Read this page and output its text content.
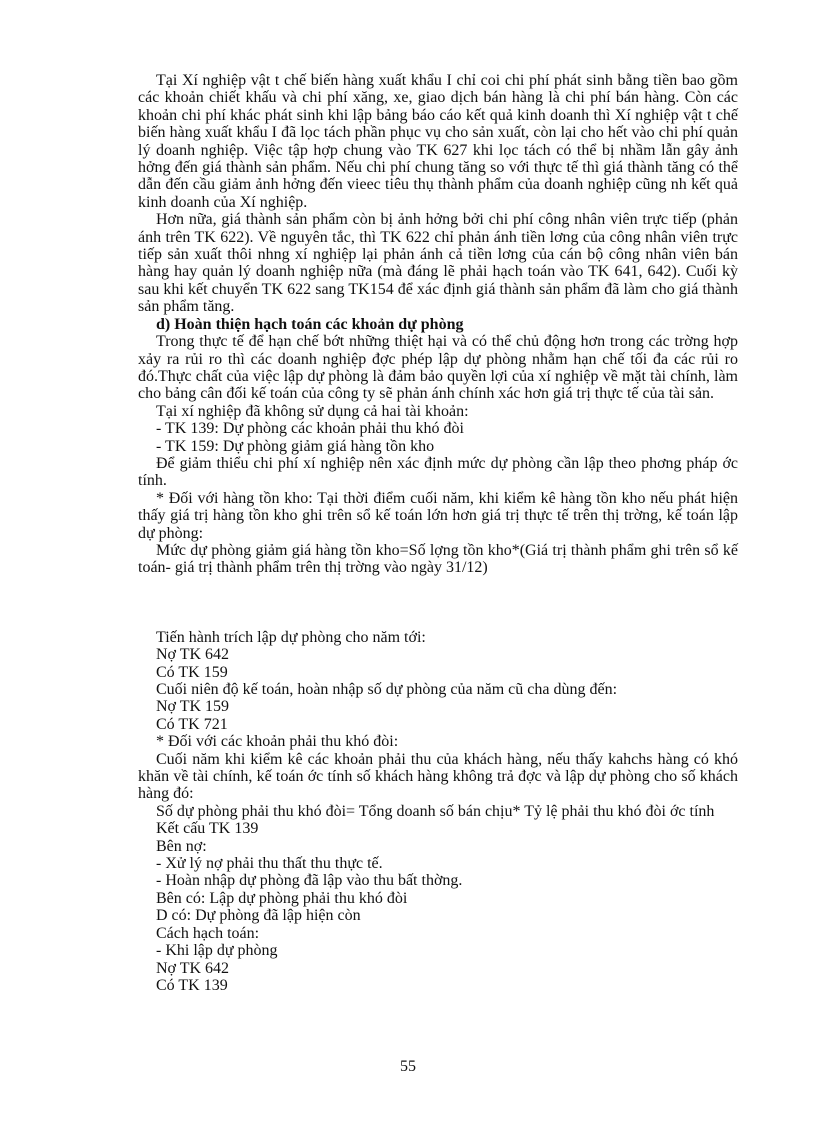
Tại Xí nghiệp vật t chế biến hàng xuất khẩu I chỉ coi chi phí phát sinh bằng tiền bao gồm các khoản chiết khấu và chi phí xăng, xe, giao dịch bán hàng là chi phí bán hàng. Còn các khoản chi phí khác phát sinh khi lập bảng báo cáo kết quả kinh doanh thì Xí nghiệp vật t chế biến hàng xuất khẩu I đã lọc tách phần phục vụ cho sản xuất, còn lại cho hết vào chi phí quản lý doanh nghiệp. Việc tập hợp chung vào TK 627 khi lọc tách có thể bị nhầm lẫn gây ảnh hởng đến giá thành sản phẩm. Nếu chi phí chung tăng so với thực tế thì giá thành tăng có thể dẫn đến cầu giảm ảnh hởng đến vieec tiêu thụ thành phẩm của doanh nghiệp cũng nh kết quả kinh doanh của Xí nghiệp.

Hơn nữa, giá thành sản phẩm còn bị ảnh hởng bởi chi phí công nhân viên trực tiếp (phản ánh trên TK 622). Về nguyên tắc, thì TK 622 chỉ phản ánh tiền lơng của công nhân viên trực tiếp sản xuất thôi nhng xí nghiệp lại phản ánh cả tiền lơng của cán bộ công nhân viên bán hàng hay quản lý doanh nghiệp nữa (mà đáng lẽ phải hạch toán vào TK 641, 642). Cuối kỳ sau khi kết chuyển TK 622 sang TK154 để xác định giá thành sản phẩm đã làm cho giá thành sản phẩm tăng.

d) Hoàn thiện hạch toán các khoản dự phòng

Trong thực tế để hạn chế bớt những thiệt hại và có thể chủ động hơn trong các trờng hợp xảy ra rủi ro thì các doanh nghiệp đợc phép lập dự phòng nhằm hạn chế tối đa các rủi ro đó.Thực chất của việc lập dự phòng là đảm bảo quyền lợi của xí nghiệp về mặt tài chính, làm cho bảng cân đối kế toán của công ty sẽ phản ánh chính xác hơn giá trị thực tế của tài sản.

Tại xí nghiệp đã không sử dụng cả hai tài khoản:

- TK 139: Dự phòng các khoản phải thu khó đòi

- TK 159: Dự phòng giảm giá hàng tồn kho

Để giảm thiểu chi phí xí nghiệp nên xác định mức dự phòng cần lập theo phơng pháp ớc tính.

* Đối với hàng tồn kho: Tại thời điểm cuối năm, khi kiểm kê hàng tồn kho nếu phát hiện thấy giá trị hàng tồn kho ghi trên sổ kế toán lớn hơn giá trị thực tế trên thị trờng, kế toán lập dự phòng:

Mức dự phòng giảm giá hàng tồn kho=Số lợng tồn kho*(Giá trị thành phẩm ghi trên sổ kế toán- giá trị thành phẩm trên thị trờng vào ngày 31/12)

Tiến hành trích lập dự phòng cho năm tới:

Nợ TK 642

Có TK 159

Cuối niên độ kế toán, hoàn nhập số dự phòng của năm cũ cha dùng đến:

Nợ TK 159

Có TK 721

* Đối với các khoản phải thu khó đòi:

Cuối năm khi kiểm kê các khoản phải thu của khách hàng, nếu thấy kahchs hàng có khó khăn về tài chính, kế toán ớc tính số khách hàng không trả đợc và lập dự phòng cho số khách hàng đó:

Số dự phòng phải thu khó đòi= Tổng doanh số bán chịu* Tỷ lệ phải thu khó đòi ớc tính

Kết cấu TK 139

Bên nợ:

- Xử lý nợ phải thu thất thu thực tế.

- Hoàn nhập dự phòng đã lập vào thu bất thờng.

Bên có: Lập dự phòng phải thu khó đòi

D có: Dự phòng đã lập hiện còn

Cách hạch toán:

- Khi lập dự phòng

Nợ TK 642

Có TK 139

55
